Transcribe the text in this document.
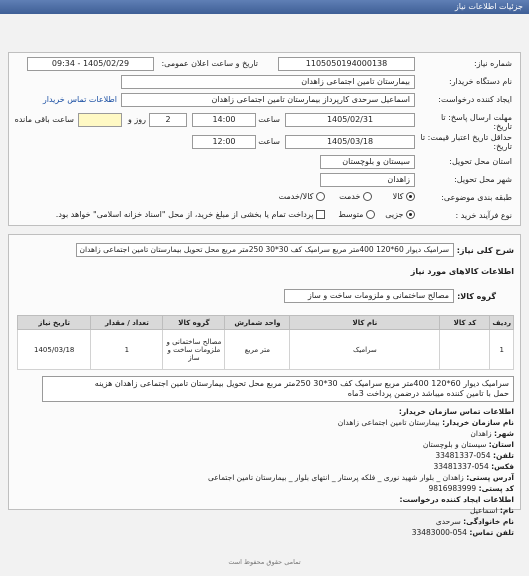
جزئیات اطلاعات نیاز
شماره نیاز:
1105050194000138
تاریخ و ساعت اعلان عمومی:
1405/02/29 - 09:34
نام دستگاه خریدار:
بیمارستان تامین اجتماعی زاهدان
ایجاد کننده درخواست:
اسماعیل سرحدی کارپرداز بیمارستان تامین اجتماعی زاهدان
اطلاعات تماس خریدار
مهلت ارسال پاسخ: تا تاریخ:
1405/02/31
ساعت
14:00
2
روز و
ساعت باقی مانده
حداقل تاریخ اعتبار قیمت: تا تاریخ:
1405/03/18
ساعت
12:00
استان محل تحویل:
سیستان و بلوچستان
شهر محل تحویل:
زاهدان
طبقه بندی موضوعی:
کالا
خدمت
کالا/خدمت
نوع فرآیند خرید :
جزیی
متوسط
پرداخت تمام یا بخشی از مبلغ خرید، از محل "اسناد خزانه اسلامی" خواهد بود.
شرح کلی نیاز:
سرامیک دیوار 60*120 400متر مربع سرامیک کف 30*30 250متر مربع محل تحویل بیمارستان تامین اجتماعی زاهدان
اطلاعات کالاهای مورد نیاز
گروه کالا:
مصالح ساختمانی و ملزومات ساخت و ساز
ردیف	کد کالا	نام کالا	واحد شمارش	گروه کالا	تعداد / مقدار	تاریخ نیاز
1		سرامیک	متر مربع	مصالح ساختمانی و ملزومات ساخت و ساز	1	1405/03/18
سرامیک دیوار 60*120 400متر مربع سرامیک کف 30*30 250متر مربع محل تحویل بیمارستان تامین اجتماعی زاهدان هزینه
حمل با تامین کننده میباشد درضمن پرداخت 3ماه
اطلاعات تماس سازمان خریدار:
نام سازمان خریدار: بیمارستان تامین اجتماعی زاهدان
شهر: زاهدان
استان: سیستان و بلوچستان
تلفن: 054-33481337
فکس: 054-33481337
آدرس پستی: زاهدان _ بلوار شهید نوری _ فلکه پرستار _ انتهای بلوار _ بیمارستان تامین اجتماعی
کد پستی: 9816983999
اطلاعات ایجاد کننده درخواست:
نام: اسماعیل
نام خانوادگی: سرحدی
تلفن تماس: 054-33483000
تمامی حقوق محفوظ است
